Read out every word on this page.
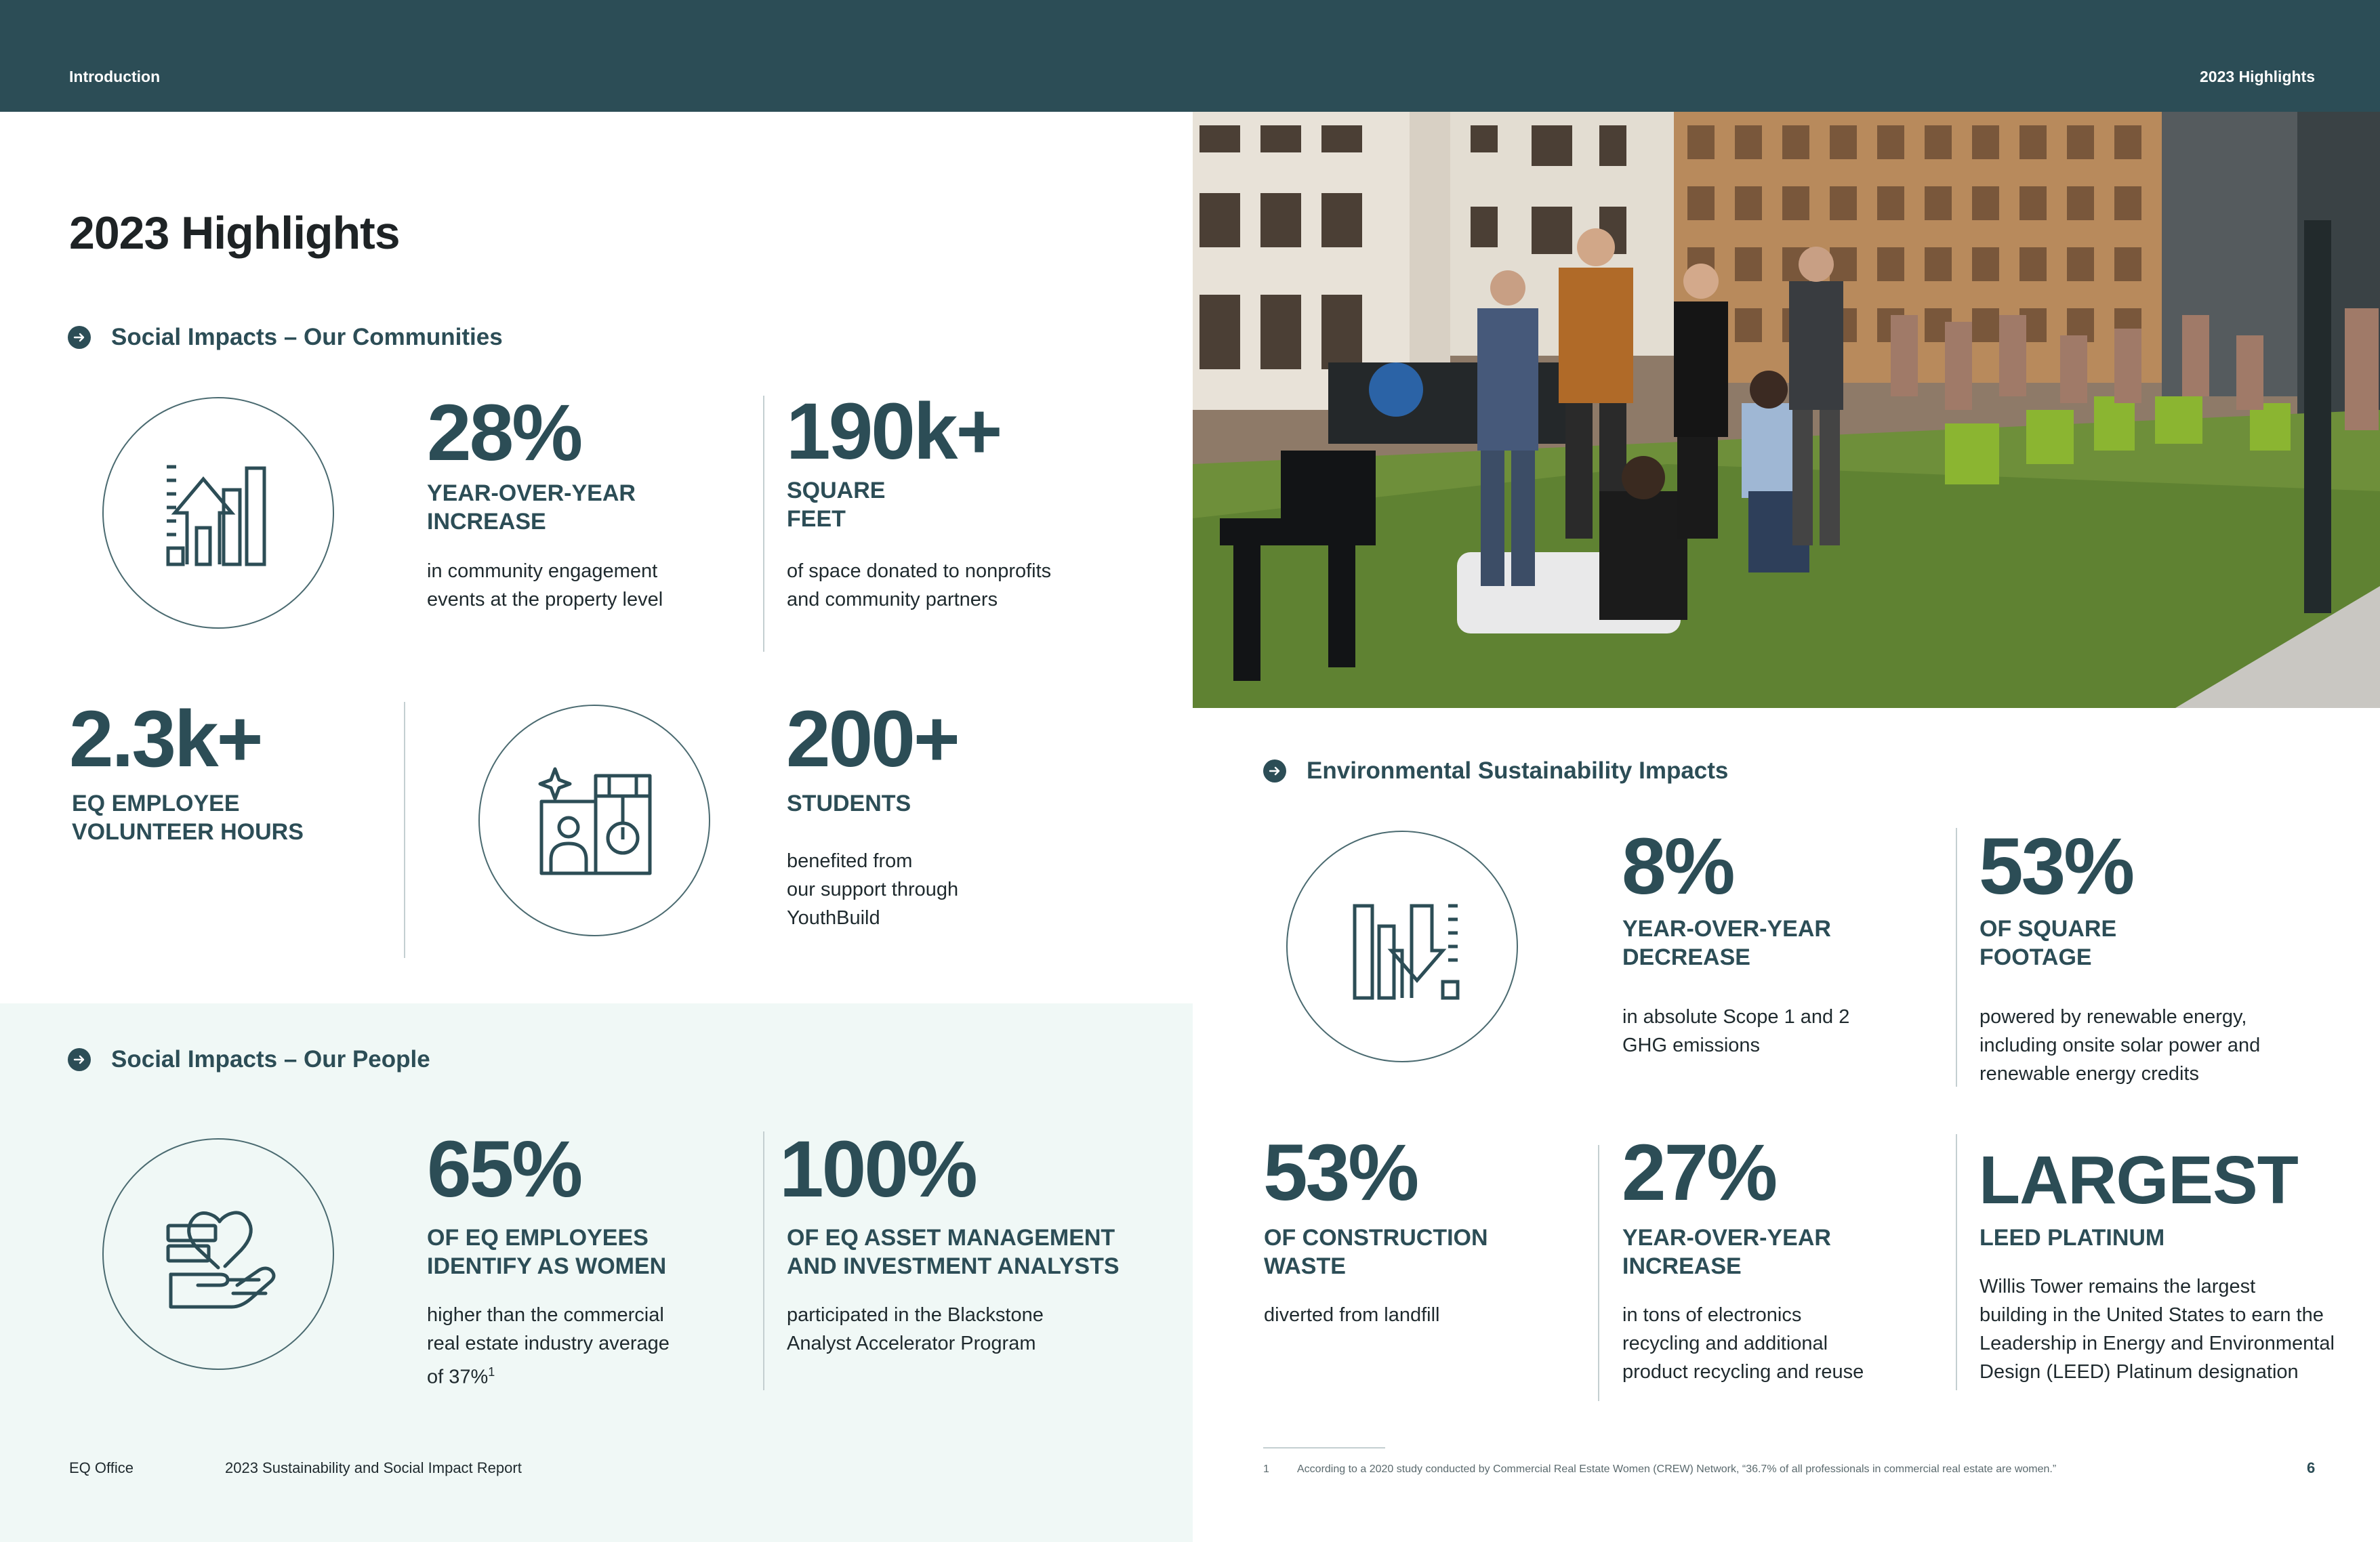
Introduction	2023 Highlights
2023 Highlights
Social Impacts – Our Communities
28%
YEAR-OVER-YEAR
INCREASE
in community engagement
events at the property level
190k+
SQUARE
FEET
of space donated to nonprofits
and community partners
2.3k+
EQ EMPLOYEE
VOLUNTEER HOURS
200+
STUDENTS
benefited from
our support through
YouthBuild
Social Impacts – Our People
65%
OF EQ EMPLOYEES
IDENTIFY AS WOMEN
higher than the commercial
real estate industry average
of 37%$^1$
100%
OF EQ ASSET MANAGEMENT
AND INVESTMENT ANALYSTS
participated in the Blackstone
Analyst Accelerator Program
Environmental Sustainability Impacts
8%
YEAR-OVER-YEAR
DECREASE
in absolute Scope 1 and 2
GHG emissions
53%
OF SQUARE
FOOTAGE
powered by renewable energy,
including onsite solar power and
renewable energy credits
53%
OF CONSTRUCTION
WASTE
diverted from landfill
27%
YEAR-OVER-YEAR
INCREASE
in tons of electronics
recycling and additional
product recycling and reuse
LARGEST
LEED PLATINUM
Willis Tower remains the largest
building in the United States to earn the
Leadership in Energy and Environmental
Design (LEED) Platinum designation
EQ Office	2023 Sustainability and Social Impact Report	1	According to a 2020 study conducted by Commercial Real Estate Women (CREW) Network, “36.7% of all professionals in commercial real estate are women.”	6
